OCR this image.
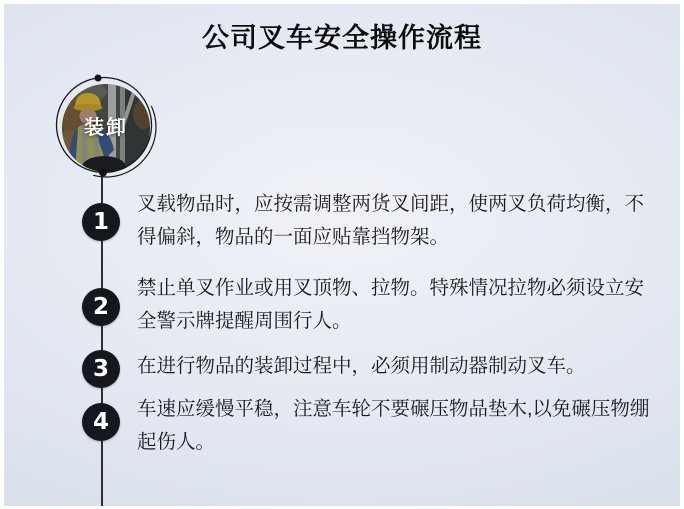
公司叉车安全操作流程
装卸
1

叉载物品时，应按需调整两货叉间距，使两叉负荷均衡，不得偏斜，物品的一面应贴靠挡物架。

2

禁止单叉作业或用叉顶物、拉物。特殊情况拉物必须设立安全警示牌提醒周围行人。

3	在进行物品的装卸过程中，必须用制动器制动叉车。

4	车速应缓慢平稳，注意车轮不要碾压物品垫木,以免碾压物绷起伤人。
